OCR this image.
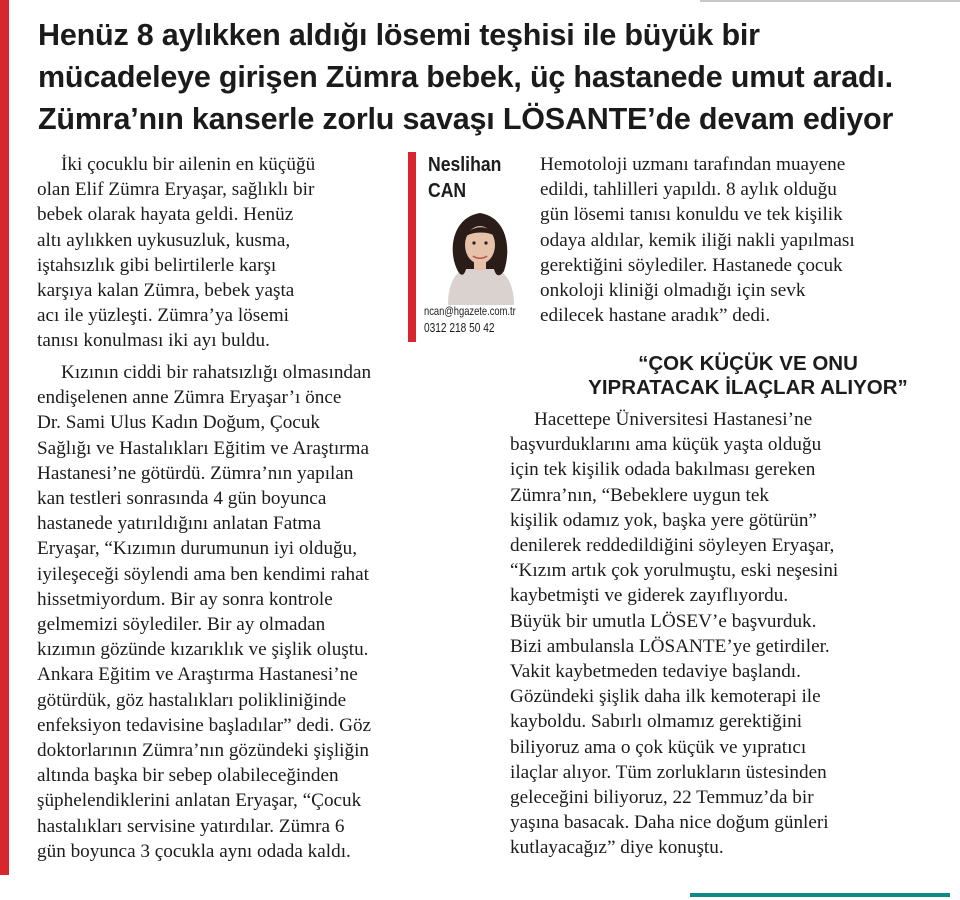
Henüz 8 aylıkken aldığı lösemi teşhisi ile büyük bir
mücadeleye girişen Zümra bebek, üç hastanede umut aradı.
Zümra’nın kanserle zorlu savaşı LÖSANTE’de devam ediyor
İki çocuklu bir ailenin en küçüğü
olan Elif Zümra Eryaşar, sağlıklı bir
bebek olarak hayata geldi. Henüz
altı aylıkken uykusuzluk, kusma,
iştahsızlık gibi belirtilerle karşı
karşıya kalan Zümra, bebek yaşta
acı ile yüzleşti. Zümra’ya lösemi
tanısı konulması iki ayı buldu.
Kızının ciddi bir rahatsızlığı olmasından
endişelenen anne Zümra Eryaşar’ı önce
Dr. Sami Ulus Kadın Doğum, Çocuk
Sağlığı ve Hastalıkları Eğitim ve Araştırma
Hastanesi’ne götürdü. Zümra’nın yapılan
kan testleri sonrasında 4 gün boyunca
hastanede yatırıldığını anlatan Fatma
Eryaşar, “Kızımın durumunun iyi olduğu,
iyileşeceği söylendi ama ben kendimi rahat
hissetmiyordum. Bir ay sonra kontrole
gelmemizi söylediler. Bir ay olmadan
kızımın gözünde kızarıklık ve şişlik oluştu.
Ankara Eğitim ve Araştırma Hastanesi’ne
götürdük, göz hastalıkları polikliniğinde
enfeksiyon tedavisine başladılar” dedi. Göz
doktorlarının Zümra’nın gözündeki şişliğin
altında başka bir sebep olabileceğinden
şüphelendiklerini anlatan Eryaşar, “Çocuk
hastalıkları servisine yatırdılar. Zümra 6
gün boyunca 3 çocukla aynı odada kaldı.
Neslihan
CAN
ncan@hgazete.com.tr
0312 218 50 42
Hemotoloji uzmanı tarafından muayene
edildi, tahlilleri yapıldı. 8 aylık olduğu
gün lösemi tanısı konuldu ve tek kişilik
odaya aldılar, kemik iliği nakli yapılması
gerektiğini söylediler. Hastanede çocuk
onkoloji kliniği olmadığı için sevk
edilecek hastane aradık” dedi.
“ÇOK KÜÇÜK VE ONU
YIPRATACAK İLAÇLAR ALIYOR”
Hacettepe Üniversitesi Hastanesi’ne
başvurduklarını ama küçük yaşta olduğu
için tek kişilik odada bakılması gereken
Zümra’nın, “Bebeklere uygun tek
kişilik odamız yok, başka yere götürün”
denilerek reddedildiğini söyleyen Eryaşar,
“Kızım artık çok yorulmuştu, eski neşesini
kaybetmişti ve giderek zayıflıyordu.
Büyük bir umutla LÖSEV’e başvurduk.
Bizi ambulansla LÖSANTE’ye getirdiler.
Vakit kaybetmeden tedaviye başlandı.
Gözündeki şişlik daha ilk kemoterapi ile
kayboldu. Sabırlı olmamız gerektiğini
biliyoruz ama o çok küçük ve yıpratıcı
ilaçlar alıyor. Tüm zorlukların üstesinden
geleceğini biliyoruz, 22 Temmuz’da bir
yaşına basacak. Daha nice doğum günleri
kutlayacağız” diye konuştu.
